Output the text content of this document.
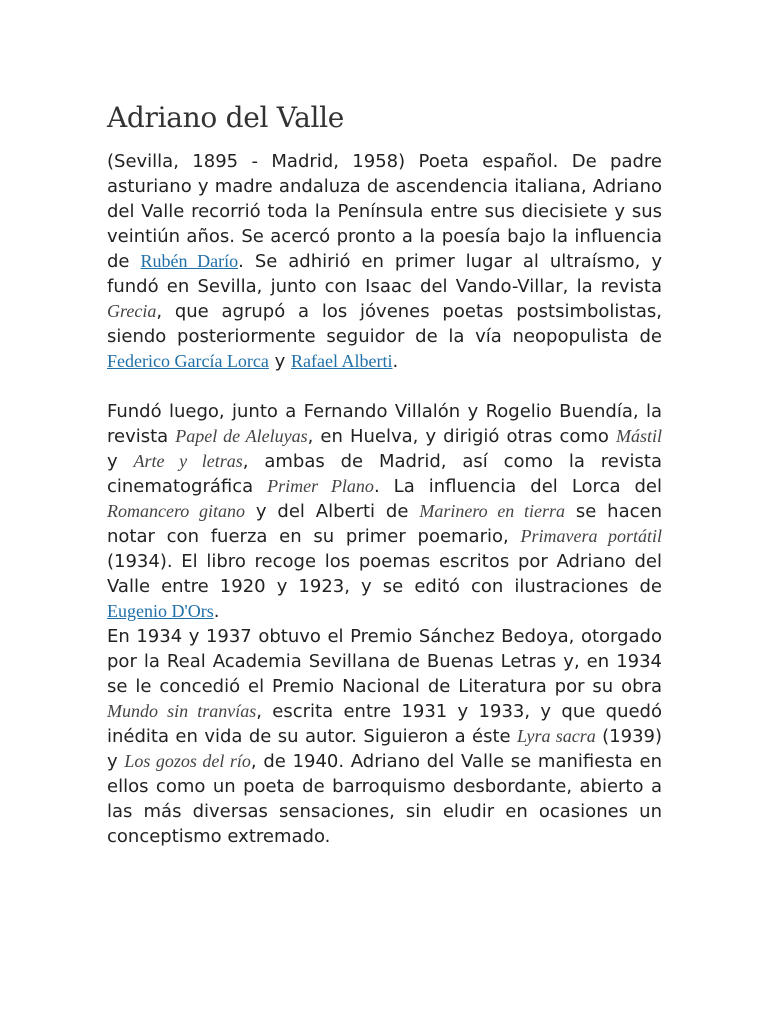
Adriano del Valle

(Sevilla, 1895 - Madrid, 1958) Poeta español. De padre asturiano y madre andaluza de ascendencia italiana, Adriano del Valle recorrió toda la Península entre sus diecisiete y sus veintiún años. Se acercó pronto a la poesía bajo la influencia de Rubén Darío. Se adhirió en primer lugar al ultraísmo, y fundó en Sevilla, junto con Isaac del Vando-Villar, la revista Grecia, que agrupó a los jóvenes poetas postsimbolistas, siendo posteriormente seguidor de la vía neopopulista de Federico García Lorca y Rafael Alberti.

Fundó luego, junto a Fernando Villalón y Rogelio Buendía, la revista Papel de Aleluyas, en Huelva, y dirigió otras como Mástil y Arte y letras, ambas de Madrid, así como la revista cinematográfica Primer Plano. La influencia del Lorca del Romancero gitano y del Alberti de Marinero en tierra se hacen notar con fuerza en su primer poemario, Primavera portátil (1934). El libro recoge los poemas escritos por Adriano del Valle entre 1920 y 1923, y se editó con ilustraciones de Eugenio D'Ors.

En 1934 y 1937 obtuvo el Premio Sánchez Bedoya, otorgado por la Real Academia Sevillana de Buenas Letras y, en 1934 se le concedió el Premio Nacional de Literatura por su obra Mundo sin tranvías, escrita entre 1931 y 1933, y que quedó inédita en vida de su autor. Siguieron a éste Lyra sacra (1939) y Los gozos del río, de 1940. Adriano del Valle se manifiesta en ellos como un poeta de barroquismo desbordante, abierto a las más diversas sensaciones, sin eludir en ocasiones un conceptismo extremado.
